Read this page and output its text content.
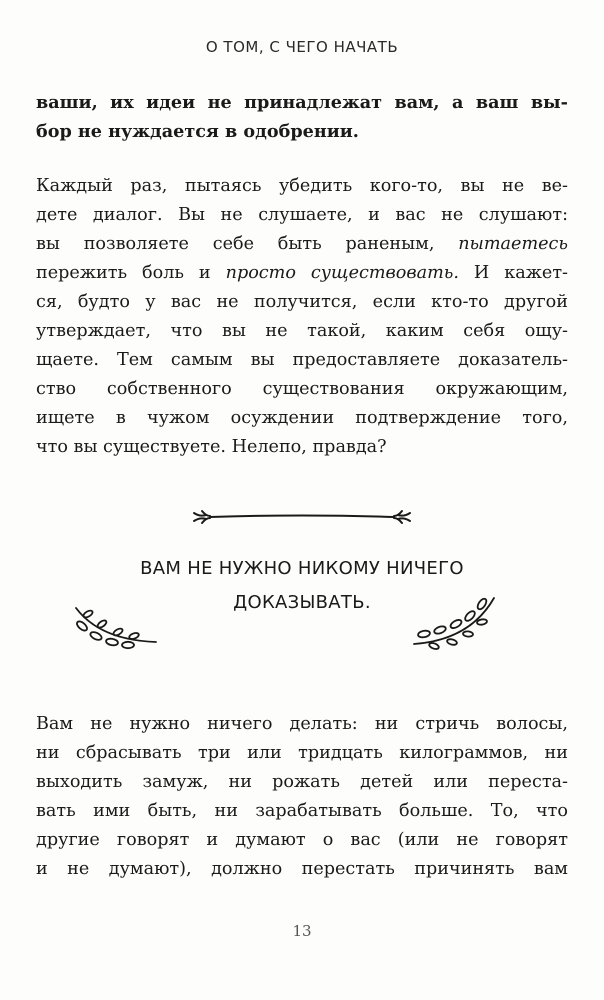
О ТОМ, С ЧЕГО НАЧАТЬ
ваши, их идеи не принадлежат вам, а ваш вы-
бор не нуждается в одобрении.
Каждый раз, пытаясь убедить кого-то, вы не ве-
дете диалог. Вы не слушаете, и вас не слушают:
вы позволяете себе быть раненым, пытаетесь
пережить боль и просто существовать. И кажет-
ся, будто у вас не получится, если кто-то другой
утверждает, что вы не такой, каким себя ощу-
щаете. Тем самым вы предоставляете доказатель-
ство собственного существования окружающим,
ищете в чужом осуждении подтверждение того,
что вы существуете. Нелепо, правда?
ВАМ НЕ НУЖНО НИКОМУ НИЧЕГО
ДОКАЗЫВАТЬ.
Вам не нужно ничего делать: ни стричь волосы,
ни сбрасывать три или тридцать килограммов, ни
выходить замуж, ни рожать детей или переста-
вать ими быть, ни зарабатывать больше. То, что
другие говорят и думают о вас (или не говорят
и не думают), должно перестать причинять вам
13
